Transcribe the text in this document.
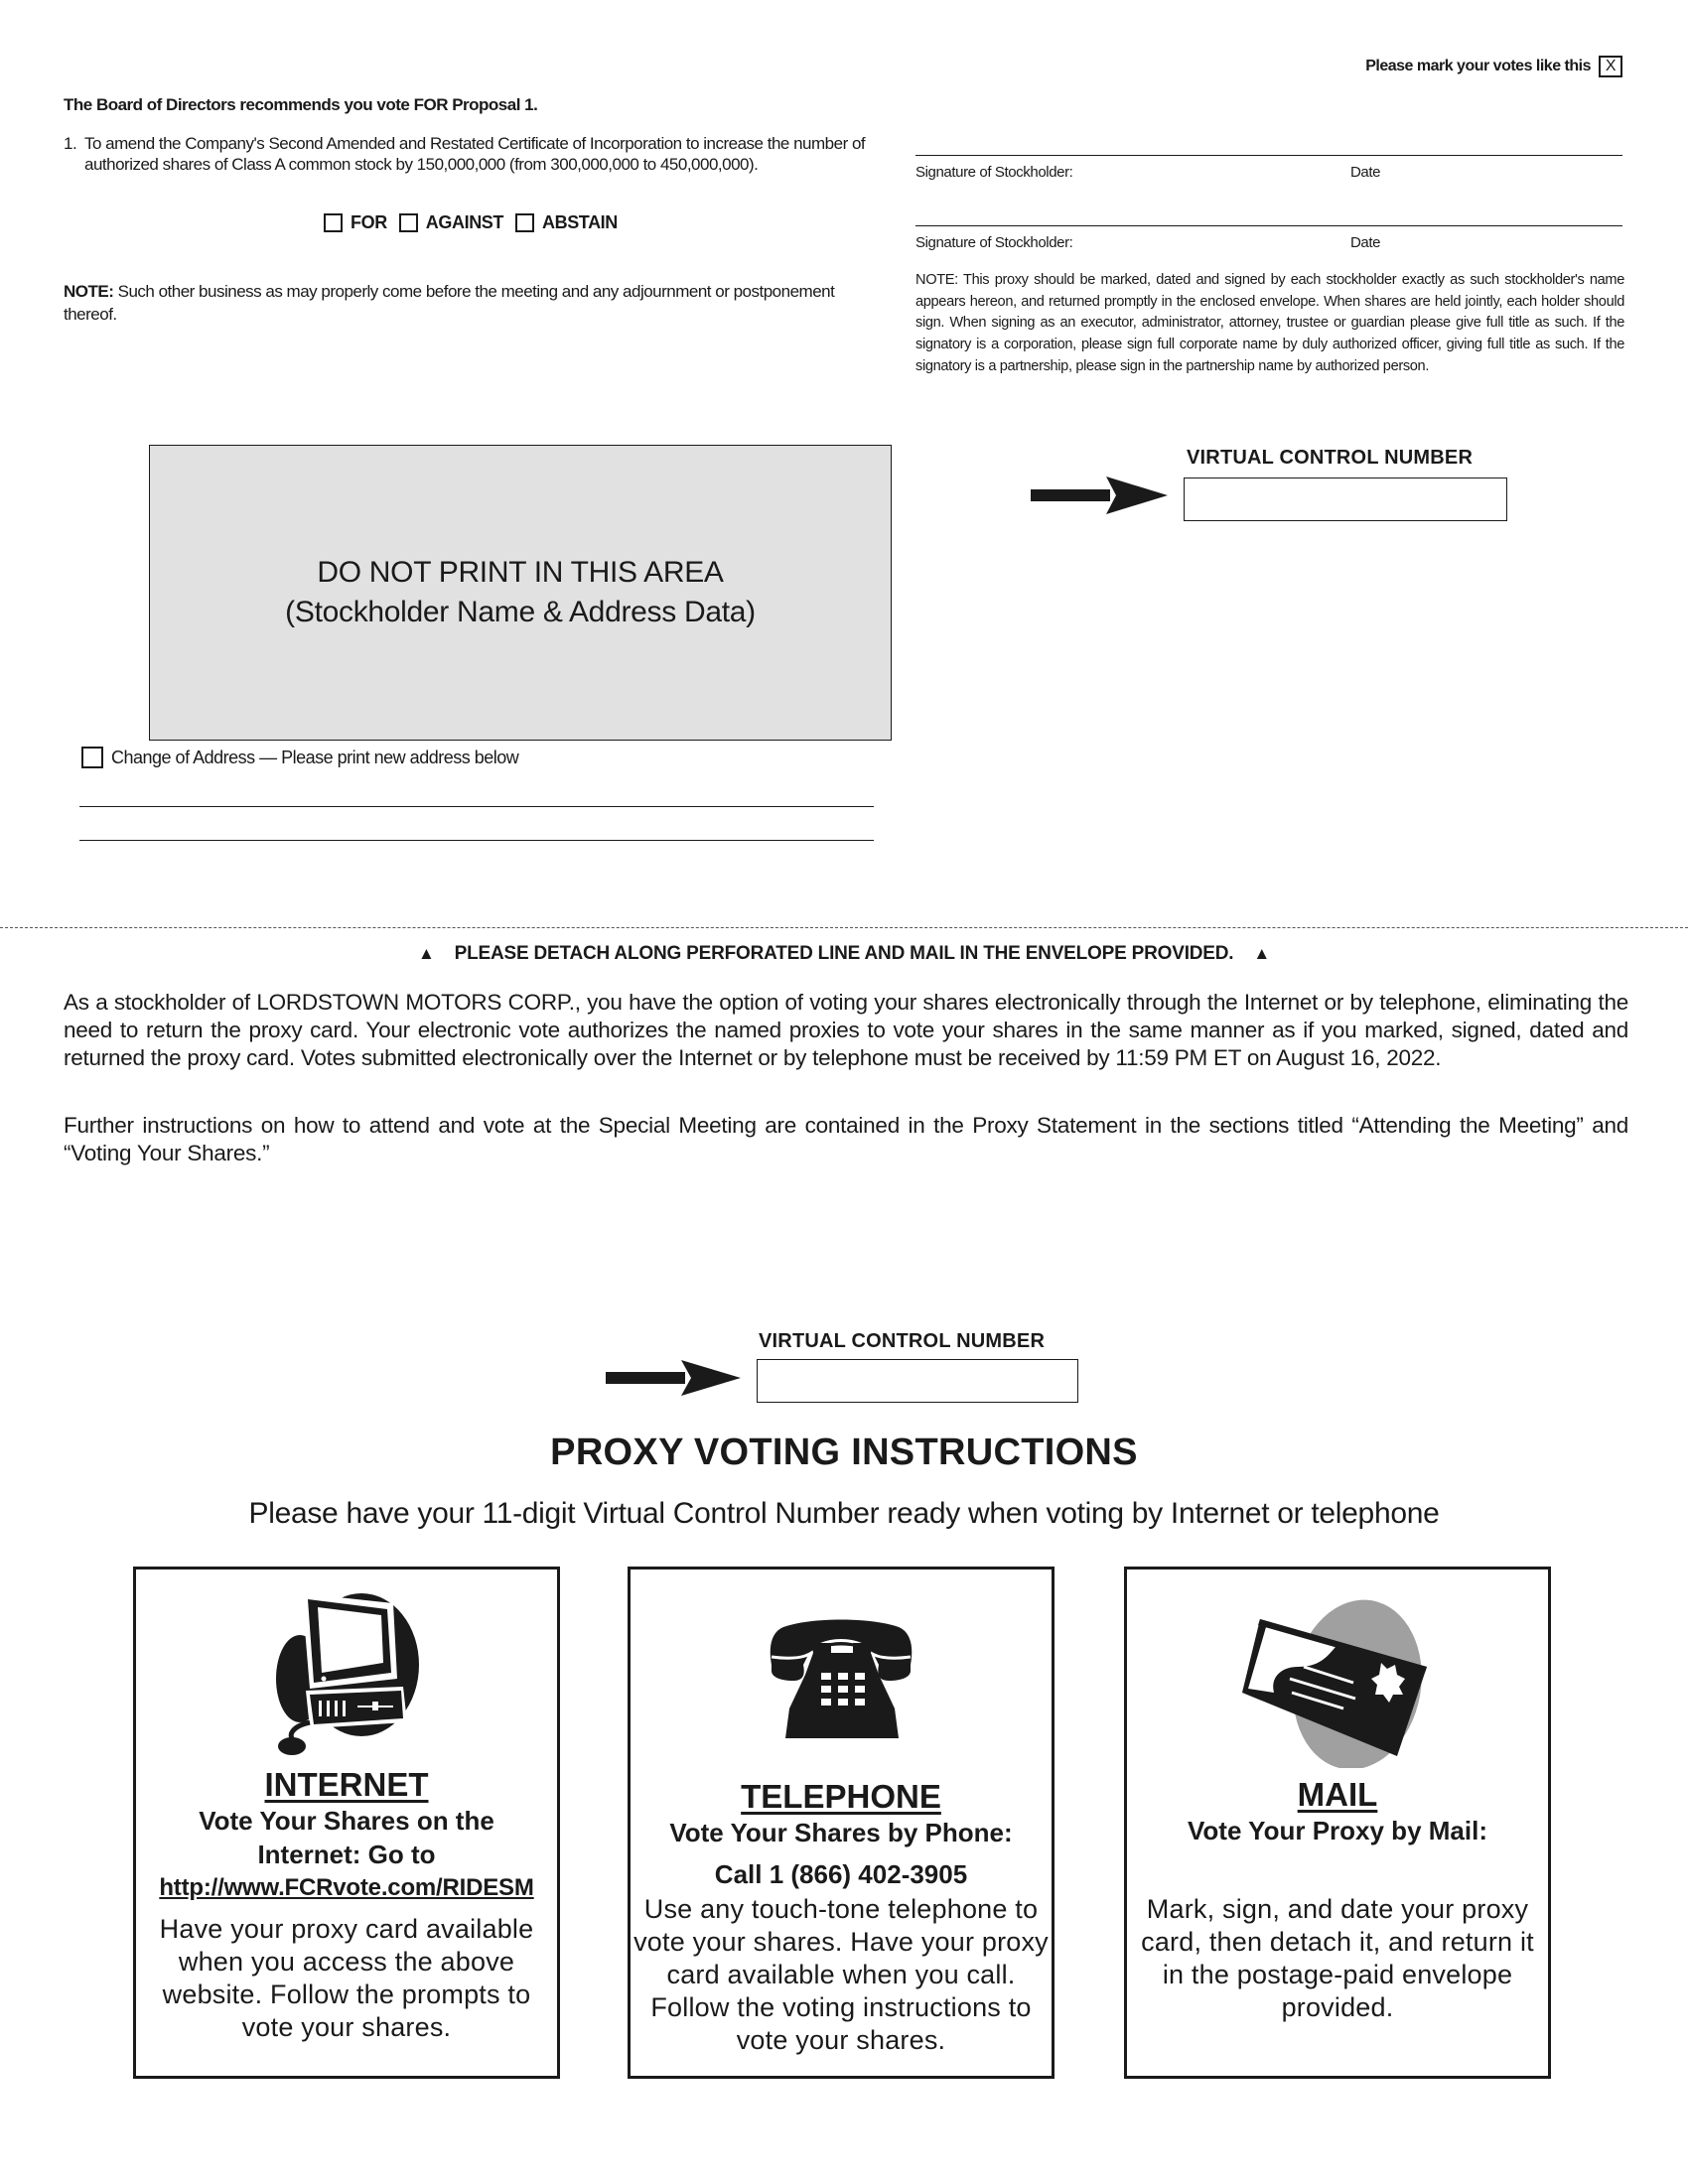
Please mark your votes like this X
The Board of Directors recommends you vote FOR Proposal 1.
1. To amend the Company's Second Amended and Restated Certificate of Incorporation to increase the number of authorized shares of Class A common stock by 150,000,000 (from 300,000,000 to 450,000,000).
FOR AGAINST ABSTAIN
NOTE: Such other business as may properly come before the meeting and any adjournment or postponement thereof.
Signature of Stockholder:	Date
Signature of Stockholder:	Date
NOTE: This proxy should be marked, dated and signed by each stockholder exactly as such stockholder's name appears hereon, and returned promptly in the enclosed envelope. When shares are held jointly, each holder should sign. When signing as an executor, administrator, attorney, trustee or guardian please give full title as such. If the signatory is a corporation, please sign full corporate name by duly authorized officer, giving full title as such. If the signatory is a partnership, please sign in the partnership name by authorized person.
VIRTUAL CONTROL NUMBER
DO NOT PRINT IN THIS AREA
(Stockholder Name & Address Data)
Change of Address — Please print new address below
▲ PLEASE DETACH ALONG PERFORATED LINE AND MAIL IN THE ENVELOPE PROVIDED. ▲
As a stockholder of LORDSTOWN MOTORS CORP., you have the option of voting your shares electronically through the Internet or by telephone, eliminating the need to return the proxy card. Your electronic vote authorizes the named proxies to vote your shares in the same manner as if you marked, signed, dated and returned the proxy card. Votes submitted electronically over the Internet or by telephone must be received by 11:59 PM ET on August 16, 2022.
Further instructions on how to attend and vote at the Special Meeting are contained in the Proxy Statement in the sections titled “Attending the Meeting” and “Voting Your Shares.”
VIRTUAL CONTROL NUMBER
PROXY VOTING INSTRUCTIONS
Please have your 11-digit Virtual Control Number ready when voting by Internet or telephone
INTERNET
Vote Your Shares on the Internet: Go to
http://www.FCRvote.com/RIDESM
Have your proxy card available when you access the above website. Follow the prompts to vote your shares.
TELEPHONE
Vote Your Shares by Phone:
Call 1 (866) 402-3905
Use any touch-tone telephone to vote your shares. Have your proxy card available when you call. Follow the voting instructions to vote your shares.
MAIL
Vote Your Proxy by Mail:
Mark, sign, and date your proxy card, then detach it, and return it in the postage-paid envelope provided.
